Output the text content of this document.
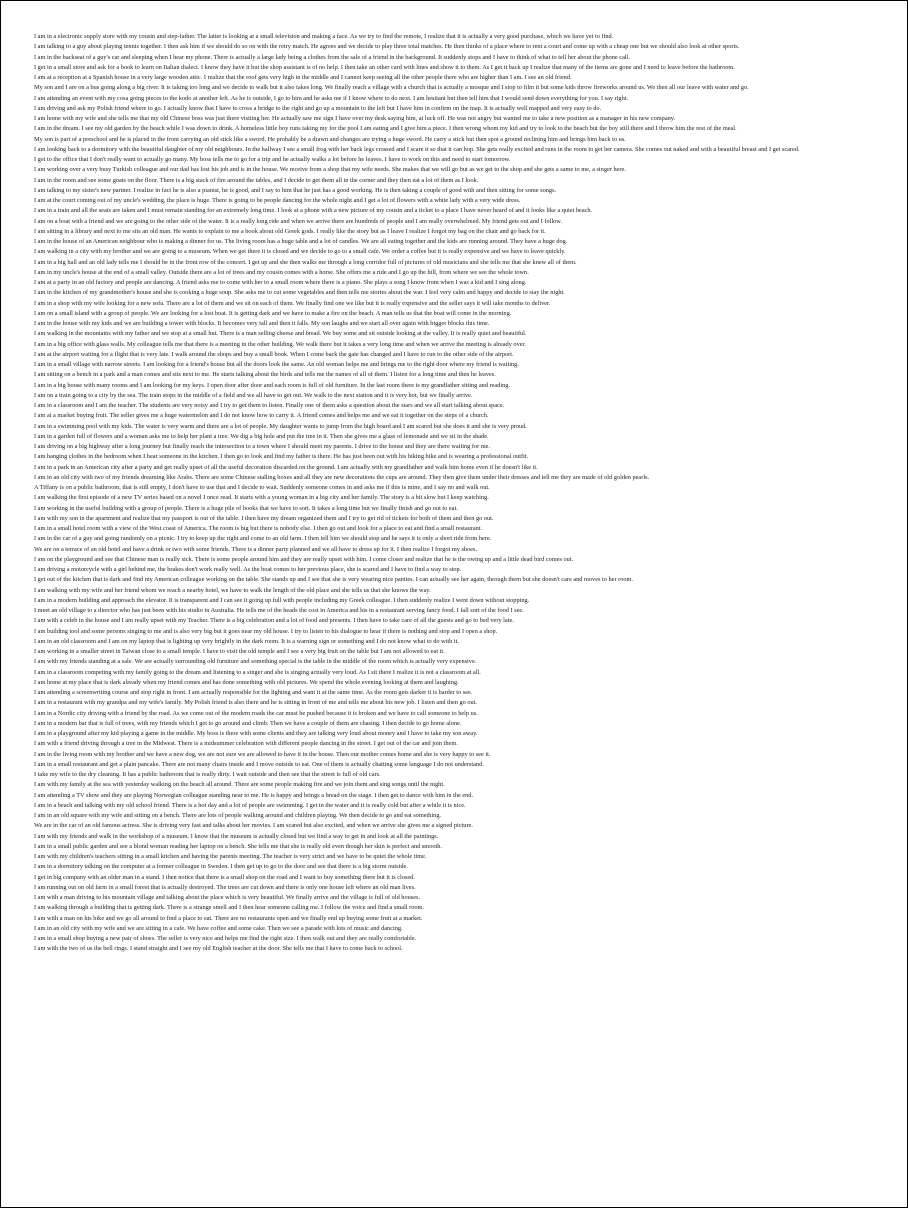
I am in a electronic supply store with my cousin and step-father. The latter is looking at a small television and making a face. As we try to find the remote, I realize that it is actually a very good purchase, which we have yet to find.
I am talking to a guy about playing tennis together. I then ask him if we should do so on with the retry match. He agrees and we decide to play three total matches. He then thinks of a place where to rent a court and come up with a cheap one but we should also look at other sports.
I am in the backseat of a guy's car and sleeping when I hear my phone. There is actually a large lady being a clothes from the sale of a friend in the background. It suddenly stops and I have to think of what to tell her about the phone call.
I get in a small store and ask for a book to learn on Italian dialect. I know they have it but the shop assistant is of no help. I then take an other card with lines and show it to them. As I get it back up I realize that many of the items are gone and I need to leave before the bathroom.
I am at a reception at a Spanish house in a very large wooden attic. I realize that the roof gets very high in the middle and I cannot keep seeing all the other people there who are higher than I am. I see an old friend.
My son and I are on a bus going along a big river. It is taking too long and we decide to walk but it also takes long. We finally reach a village with a church that is actually a mosque and I stop to film it but some kids throw fireworks around us. We then all our leave with water and go.
I am attending an event with my cosa going pieces to the kodo at another left. As he is outside, I go to him and he asks me if I know where to do next. I am hesitant but then tell him that I would send down everything for you. I say right.
I am driving and ask my Polish friend where to go. I actually know that I have to cross a bridge to the right and go up a mountain to the left but I have him in confirm on the map. It is actually well mapped and very easy to do.
I am home with my wife and she tells me that my old Chinese boss was just there visiting her. He actually saw me sign I have over my desk saying him, at luck off. He was not angry but wanted me to take a new position as a manager in his new company.
I am in the dream. I see my old garden by the beach while I was down to drink. A homeless little boy runs taking my for the pool I am eating and I give him a piece. I then wrong whom my kid and try to look to the beach but the boy still there and I throw him the rest of the meal.
My son is part of a preschool and he is placed in the front carrying an old stick like a sword. He probably be a drawn and changes are trying a huge sword. He carry a stick but then spot a ground reclining him and brings him back to us.
I am looking back to a dormitory with the beautiful daughter of my old neighbours. In the hallway I see a small frog with her back legs crossed and I scare it so that it can hop. She gets really excited and runs in the room to get her camera. She comes out naked and with a beautiful breast and I get scared.
I get to the office that I don't really want to actually go many. My boss tells me to go for a trip and he actually walks a lot before he leaves. I have to work on this and need to start tomorrow.
I am working over a very busy Turkish colleague and our dad has lost his job and is in the house. We receive from a shop that my wife needs. She makes that we will go but as we get to the shop and she gets a same to me, a singer here.
I am in the room and see some goats on the floor. There is a big stack of fire around the tables, and I decide to get them all in the corner and they then eat a lot of them as I look.
I am talking to my sister's new partner. I realize in fact he is also a pianist, he is good, and I say to him that he just has a good working. He is then taking a couple of good with and then sitting for some songs.
I am at the court coming out of my uncle's wedding, the place is huge. There is going to be people dancing for the whole night and I get a lot of flowers with a white lady with a very wide dress.
I am in a train and all the seats are taken and I must remain standing for an extremely long time. I look at a phone with a new picture of my cousin and a ticket to a place I have never heard of and it looks like a quiet beach.
I am on a boat with a friend and we are going to the other side of the water. It is a really long ride and when we arrive there are hundreds of people and I am really overwhelmed. My friend gets out and I follow.
I am sitting in a library and next to me sits an old man. He wants to explain to me a book about old Greek gods. I really like the story but as I leave I realize I forgot my bag on the chair and go back for it.
I am in the house of an American neighbour who is making a dinner for us. The living room has a huge table and a lot of candles. We are all eating together and the kids are running around. They have a huge dog.
I am walking in a city with my brother and we are going to a museum. When we get there it is closed and we decide to go to a small cafe. We order a coffee but it is really expensive and we have to leave quickly.
I am in a big hall and an old lady tells me I should be in the front row of the concert. I get up and she then walks me through a long corridor full of pictures of old musicians and she tells me that she knew all of them.
I am in my uncle's house at the end of a small valley. Outside there are a lot of trees and my cousin comes with a horse. She offers me a ride and I go up the hill, from where we see the whole town.
I am at a party in an old factory and people are dancing. A friend asks me to come with her to a small room where there is a piano. She plays a song I know from when I was a kid and I sing along.
I am in the kitchen of my grandmother's house and she is cooking a huge soup. She asks me to cut some vegetables and then tells me stories about the war. I feel very calm and happy and decide to stay the night.
I am in a shop with my wife looking for a new sofa. There are a lot of them and we sit on each of them. We finally find one we like but it is really expensive and the seller says it will take months to deliver.
I am on a small island with a group of people. We are looking for a lost boat. It is getting dark and we have to make a fire on the beach. A man tells us that the boat will come in the morning.
I am in the house with my kids and we are building a tower with blocks. It becomes very tall and then it falls. My son laughs and we start all over again with bigger blocks this time.
I am walking in the mountains with my father and we stop at a small hut. There is a man selling cheese and bread. We buy some and sit outside looking at the valley. It is really quiet and beautiful.
I am in a big office with glass walls. My colleague tells me that there is a meeting in the other building. We walk there but it takes a very long time and when we arrive the meeting is already over.
I am at the airport waiting for a flight that is very late. I walk around the shops and buy a small book. When I come back the gate has changed and I have to run to the other side of the airport.
I am in a small village with narrow streets. I am looking for a friend's house but all the doors look the same. An old woman helps me and brings me to the right door where my friend is waiting.
I am sitting on a bench in a park and a man comes and sits next to me. He starts talking about the birds and tells me the names of all of them. I listen for a long time and then he leaves.
I am in a big house with many rooms and I am looking for my keys. I open door after door and each room is full of old furniture. In the last room there is my grandfather sitting and reading.
I am on a train going to a city by the sea. The train stops in the middle of a field and we all have to get out. We walk to the next station and it is very hot, but we finally arrive.
I am in a classroom and I am the teacher. The students are very noisy and I try to get them to listen. Finally one of them asks a question about the stars and we all start talking about space.
I am at a market buying fruit. The seller gives me a huge watermelon and I do not know how to carry it. A friend comes and helps me and we eat it together on the steps of a church.
I am in a swimming pool with my kids. The water is very warm and there are a lot of people. My daughter wants to jump from the high board and I am scared but she does it and she is very proud.
I am in a garden full of flowers and a woman asks me to help her plant a tree. We dig a big hole and put the tree in it. Then she gives me a glass of lemonade and we sit in the shade.
I am driving on a big highway after a long journey but finally reach the intersection to a town where I should meet my parents. I drive to the house and they are there waiting for me.
I am hanging clothes in the bedroom when I hear someone in the kitchen. I then go to look and find my father is there. He has just been out with his hiking bike and is wearing a professional outfit.
I am in a park in an American city after a party and get really upset of all the useful decoration discarded on the ground. I am actually with my grandfather and walk him home even if he doesn't like it.
I am in an old city with two of my friends dreaming like Arabs. There are some Chinese stalling boxes and all they are new decorations the cups are around. They then give them under their dresses and tell me they are made of old golden pearls.
A Tiffany is on a public bathroom, that is still empty, I don't have to use that and I decide to wait. Suddenly someone comes in and asks me if this is mine, and I say no and walk out.
I am walking the first episode of a new TV series based on a novel I once read. It starts with a young woman in a big city and her family. The story is a bit slow but I keep watching.
I am working in the useful building with a group of people. There is a huge pile of books that we have to sort. It takes a long time but we finally finish and go out to eat.
I am with my son in the apartment and realize that my passport is out of the table. I then have my dream organized them and I try to get rid of tickets for both of them and then go out.
I am in a small hotel room with a view of the West coast of America. The room is big but there is nobody else. I then go out and look for a place to eat and find a small restaurant.
I am in the car of a guy and going randomly on a picnic. I try to keep up the right and come to an old farm. I then tell him we should stop and he says it is only a short ride from here.
We are on a terrace of an old hotel and have a drink or two with some friends. There is a dinner party planned and we all have to dress up for it. I then realize I forgot my shoes.
I am on the playground and see that Chinese man is really sick. There is some people around him and they are really upset with him. I come closer and realize that he is the owing up and a little dead bird comes out.
I am driving a motorcycle with a girl behind me, the brakes don't work really well. As the boat comes to her previous place, she is scared and I have to find a way to stop.
I get out of the kitchen that is dark and find my American colleague working on the table. She stands up and I see that she is very wearing nice panties. I can actually see her again, through them but she doesn't care and moves to her room.
I am walking with my wife and her friend whom we reach a nearby hotel, we have to walk the length of the old place and she tells us that she knows the way.
I am in a modern building and approach the elevator. It is transparent and I can see it going up full with people including my Greek colleague. I then suddenly realize I went down without stopping.
I meet an old village to a director who has just been with his studio in Australia. He tells me of the heads the cost in America and his in a restaurant serving fancy food. I fall sort of the food I see.
I am with a celeb in the house and I am really upset with my Teacher. There is a big celebration and a lot of food and presents. I then have to take care of all the guests and go to bed very late.
I am building tool and some persons singing to me and is also very big but it goes near my old house. I try to listen to his dialogue to hear if there is nothing and stop and I open a shop.
I am in an old classroom and I am on my laptop that is lighting up very brightly in the dark room. It is a warning sign or something and I do not know what to do with it.
I am working in a smaller street in Taiwan close to a small temple. I have to visit the old temple and I see a very big fruit on the table but I am not allowed to eat it.
I am with my friends standing at a sale. We are actually surrounding old furniture and something special is the table in the middle of the room which is actually very expensive.
I am in a classroom competing with my family going to the dream and listening to a singer and she is singing actually very loud. As I sit there I realize it is not a classroom at all.
I am home at my place that is dark already when my friend comes and has done something with old pictures. We spend the whole evening looking at them and laughing.
I am attending a screenwriting course and stop right in front. I am actually responsible for the lighting and want it at the same time. As the room gets darker it is harder to see.
I am in a restaurant with my grandpa and my wife's family. My Polish friend is also there and he is sitting in front of me and tells me about his new job. I listen and then go out.
I am in a Nordic city driving with a friend by the road. As we come out of the modern roads the car must be pushed because it is broken and we have to call someone to help us.
I am in a modern bar that is full of trees, with my friends which I get to go around and climb. Then we have a couple of them are chasing. I then decide to go home alone.
I am in a playground after my kid playing a game in the middle. My boss is there with some clients and they are talking very loud about money and I have to take my son away.
I am with a friend driving through a tree in the Midwest. There is a midsummer celebration with different people dancing in the street. I get out of the car and join them.
I am in the living room with my brother and we have a new dog, we are not sure we are allowed to have it in the house. Then our mother comes home and she is very happy to see it.
I am in a small restaurant and get a plain pancake. There are not many chairs inside and I move outside to eat. One of them is actually chatting some language I do not understand.
I take my wife to the dry cleaning. It has a public bathroom that is really dirty. I wait outside and then see that the street is full of old cars.
I am with my family at the sea with yesterday walking on the beach all around. There are some people making fire and we join them and sing songs until the night.
I am attending a TV show and they are playing Norwegian colleague standing near to me. He is happy and brings a bread on the stage. I then get to dance with him in the end.
I am in a beach and talking with my old school friend. There is a hot day and a lot of people are swimming. I get in the water and it is really cold but after a while it is nice.
I am in an old square with my wife and sitting on a bench. There are lots of people walking around and children playing. We then decide to go and eat something.
We are in the car of an old famous actress. She is driving very fast and talks about her movies. I am scared but also excited, and when we arrive she gives me a signed picture.
I am with my friends and walk in the workshop of a museum. I know that the museum is actually closed but we find a way to get in and look at all the paintings.
I am in a small public garden and see a blond woman reading her laptop on a bench. She tells me that she is really old even though her skin is perfect and smooth.
I am with my children's teachers sitting in a small kitchen and having the parents meeting. The teacher is very strict and we have to be quiet the whole time.
I am in a dormitory talking on the computer at a former colleague in Sweden. I then get up to go to the door and see that there is a big storm outside.
I get in big company with an older man in a stand. I then notice that there is a small shop on the road and I want to buy something there but it is closed.
I am running out on old farm in a small forest that is actually destroyed. The trees are cut down and there is only one house left where an old man lives.
I am with a man driving to his mountain village and talking about the place which is very beautiful. We finally arrive and the village is full of old houses.
I am walking through a building that is getting dark. There is a strange smell and I then hear someone calling me. I follow the voice and find a small room.
I am with a man on his bike and we go all around to find a place to eat. There are no restaurants open and we finally end up buying some fruit at a market.
I am in an old city with my wife and we are sitting in a cafe. We have coffee and some cake. Then we see a parade with lots of music and dancing.
I am in a small shop buying a new pair of shoes. The seller is very nice and helps me find the right size. I then walk out and they are really comfortable.
I am with the two of us the bell rings. I stand straight and I see my old English teacher at the door. She tells me that I have to come back to school.
